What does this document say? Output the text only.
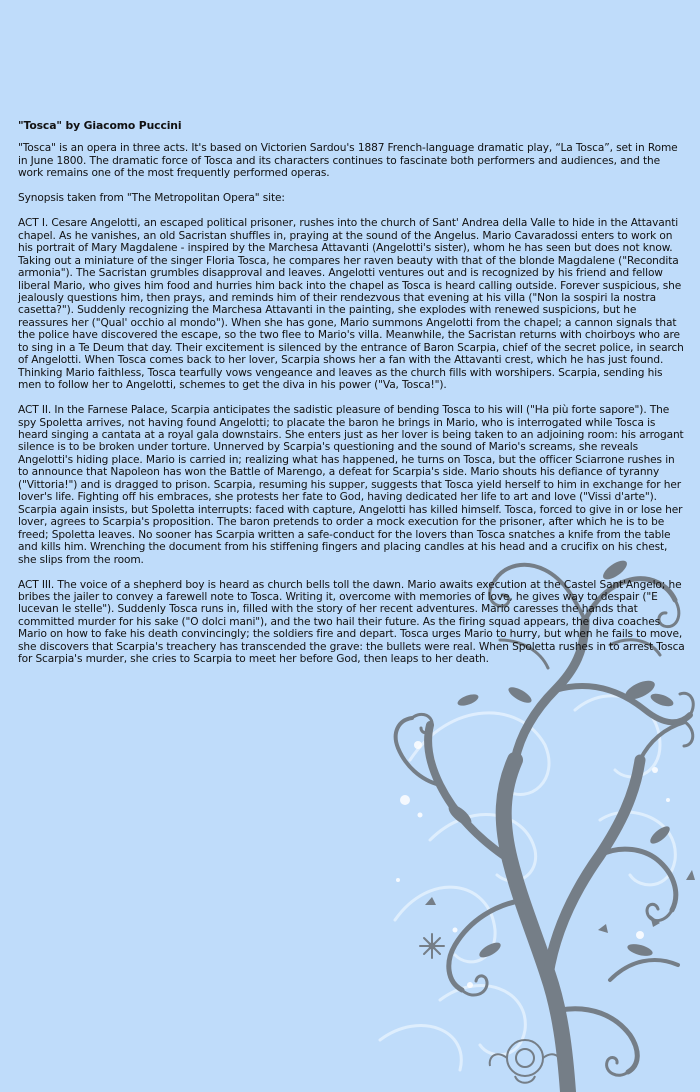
"Tosca" by Giacomo Puccini

"Tosca" is an opera in three acts. It's based on Victorien Sardou's 1887 French-language dramatic play, “La Tosca”, set in Rome in June 1800. The dramatic force of Tosca and its characters continues to fascinate both performers and audiences, and the work remains one of the most frequently performed operas.

Synopsis taken from "The Metropolitan Opera" site:

ACT I. Cesare Angelotti, an escaped political prisoner, rushes into the church of Sant' Andrea della Valle to hide in the Attavanti chapel. As he vanishes, an old Sacristan shuffles in, praying at the sound of the Angelus. Mario Cavaradossi enters to work on his portrait of Mary Magdalene - inspired by the Marchesa Attavanti (Angelotti's sister), whom he has seen but does not know. Taking out a miniature of the singer Floria Tosca, he compares her raven beauty with that of the blonde Magdalene ("Recondita armonia"). The Sacristan grumbles disapproval and leaves. Angelotti ventures out and is recognized by his friend and fellow liberal Mario, who gives him food and hurries him back into the chapel as Tosca is heard calling outside. Forever suspicious, she jealously questions him, then prays, and reminds him of their rendezvous that evening at his villa ("Non la sospiri la nostra casetta?"). Suddenly recognizing the Marchesa Attavanti in the painting, she explodes with renewed suspicions, but he reassures her ("Qual' occhio al mondo"). When she has gone, Mario summons Angelotti from the chapel; a cannon signals that the police have discovered the escape, so the two flee to Mario's villa. Meanwhile, the Sacristan returns with choirboys who are to sing in a Te Deum that day. Their excitement is silenced by the entrance of Baron Scarpia, chief of the secret police, in search of Angelotti. When Tosca comes back to her lover, Scarpia shows her a fan with the Attavanti crest, which he has just found. Thinking Mario faithless, Tosca tearfully vows vengeance and leaves as the church fills with worshipers. Scarpia, sending his men to follow her to Angelotti, schemes to get the diva in his power ("Va, Tosca!").

ACT II. In the Farnese Palace, Scarpia anticipates the sadistic pleasure of bending Tosca to his will ("Ha più forte sapore"). The spy Spoletta arrives, not having found Angelotti; to placate the baron he brings in Mario, who is interrogated while Tosca is heard singing a cantata at a royal gala downstairs. She enters just as her lover is being taken to an adjoining room: his arrogant silence is to be broken under torture. Unnerved by Scarpia's questioning and the sound of Mario's screams, she reveals Angelotti's hiding place. Mario is carried in; realizing what has happened, he turns on Tosca, but the officer Sciarrone rushes in to announce that Napoleon has won the Battle of Marengo, a defeat for Scarpia's side. Mario shouts his defiance of tyranny ("Vittoria!") and is dragged to prison. Scarpia, resuming his supper, suggests that Tosca yield herself to him in exchange for her lover's life. Fighting off his embraces, she protests her fate to God, having dedicated her life to art and love ("Vissi d'arte"). Scarpia again insists, but Spoletta interrupts: faced with capture, Angelotti has killed himself. Tosca, forced to give in or lose her lover, agrees to Scarpia's proposition. The baron pretends to order a mock execution for the prisoner, after which he is to be freed; Spoletta leaves. No sooner has Scarpia written a safe-conduct for the lovers than Tosca snatches a knife from the table and kills him. Wrenching the document from his stiffening fingers and placing candles at his head and a crucifix on his chest, she slips from the room.

ACT III. The voice of a shepherd boy is heard as church bells toll the dawn. Mario awaits execution at the Castel Sant'Angelo; he bribes the jailer to convey a farewell note to Tosca. Writing it, overcome with memories of love, he gives way to despair ("E lucevan le stelle"). Suddenly Tosca runs in, filled with the story of her recent adventures. Mario caresses the hands that committed murder for his sake ("O dolci mani"), and the two hail their future. As the firing squad appears, the diva coaches Mario on how to fake his death convincingly; the soldiers fire and depart. Tosca urges Mario to hurry, but when he fails to move, she discovers that Scarpia's treachery has transcended the grave: the bullets were real. When Spoletta rushes in to arrest Tosca for Scarpia's murder, she cries to Scarpia to meet her before God, then leaps to her death.
